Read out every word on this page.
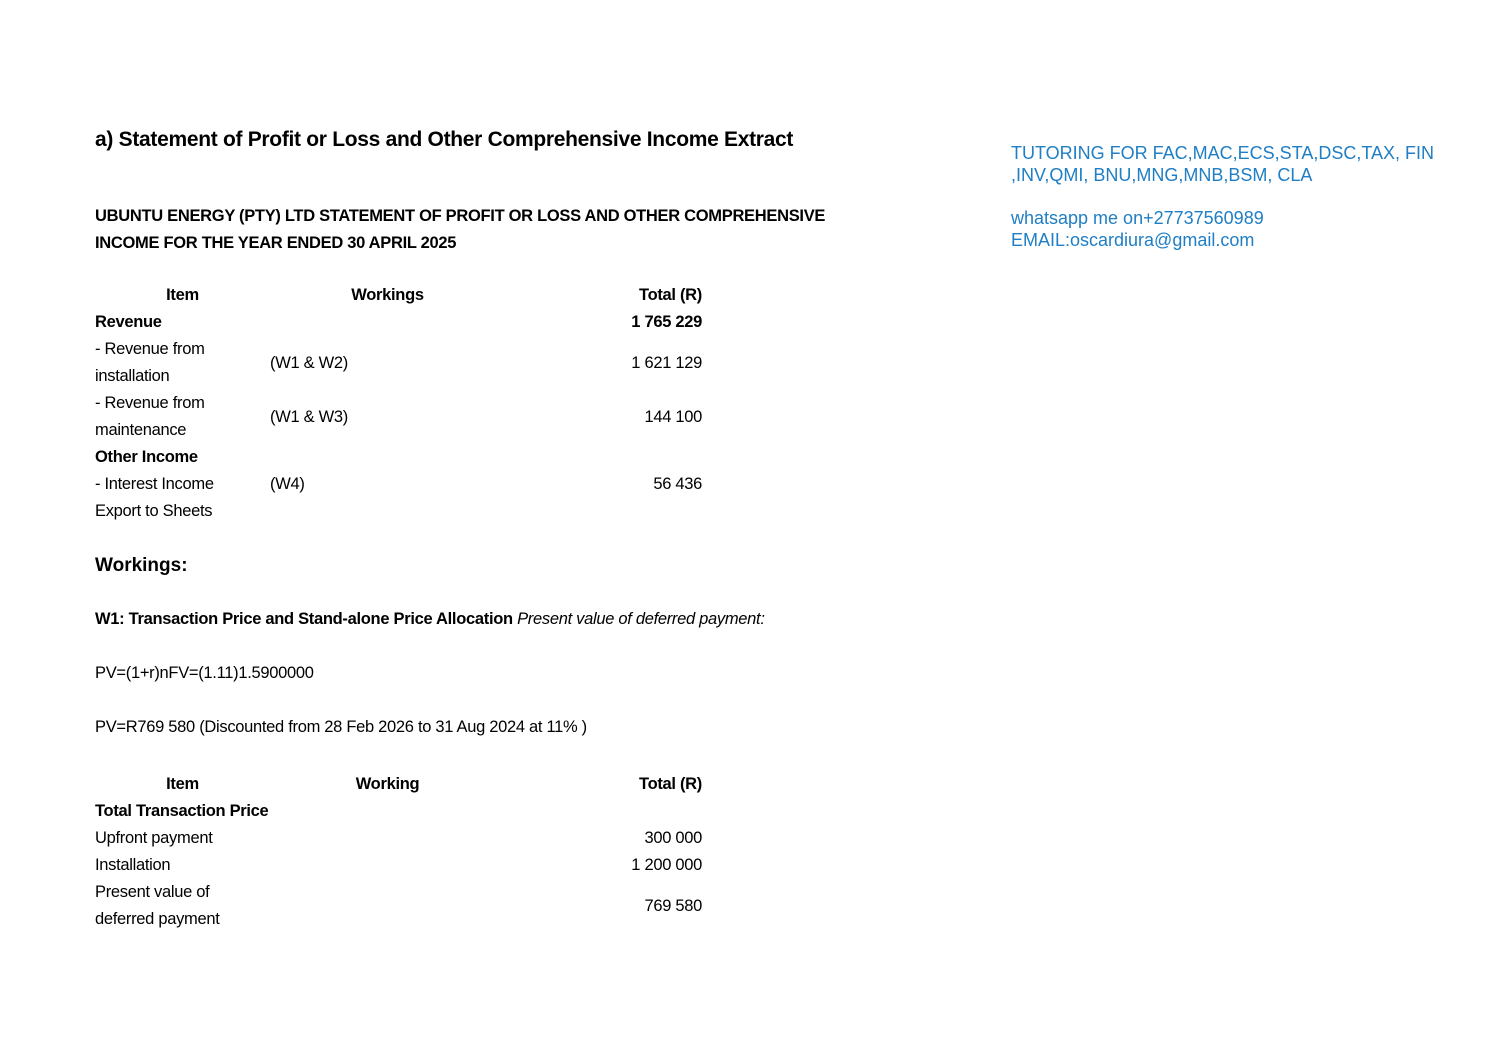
a) Statement of Profit or Loss and Other Comprehensive Income Extract
UBUNTU ENERGY (PTY) LTD STATEMENT OF PROFIT OR LOSS AND OTHER COMPREHENSIVE INCOME FOR THE YEAR ENDED 30 APRIL 2025
TUTORING FOR FAC,MAC,ECS,STA,DSC,TAX, FIN ,INV,QMI, BNU,MNG,MNB,BSM, CLA
whatsapp me on+27737560989
EMAIL:oscardiura@gmail.com
Item	Workings	Total (R)
Revenue		1 765 229
- Revenue from installation	(W1 & W2)	1 621 129
- Revenue from maintenance	(W1 & W3)	144 100
Other Income		
- Interest Income	(W4)	56 436
Export to Sheets		
Workings:
W1: Transaction Price and Stand-alone Price Allocation Present value of deferred payment:
PV=(1+r)nFV=(1.11)1.5900000
PV=R769 580 (Discounted from 28 Feb 2026 to 31 Aug 2024 at 11% )
Item	Working	Total (R)
Total Transaction Price		
Upfront payment		300 000
Installation		1 200 000
Present value of deferred payment		769 580
